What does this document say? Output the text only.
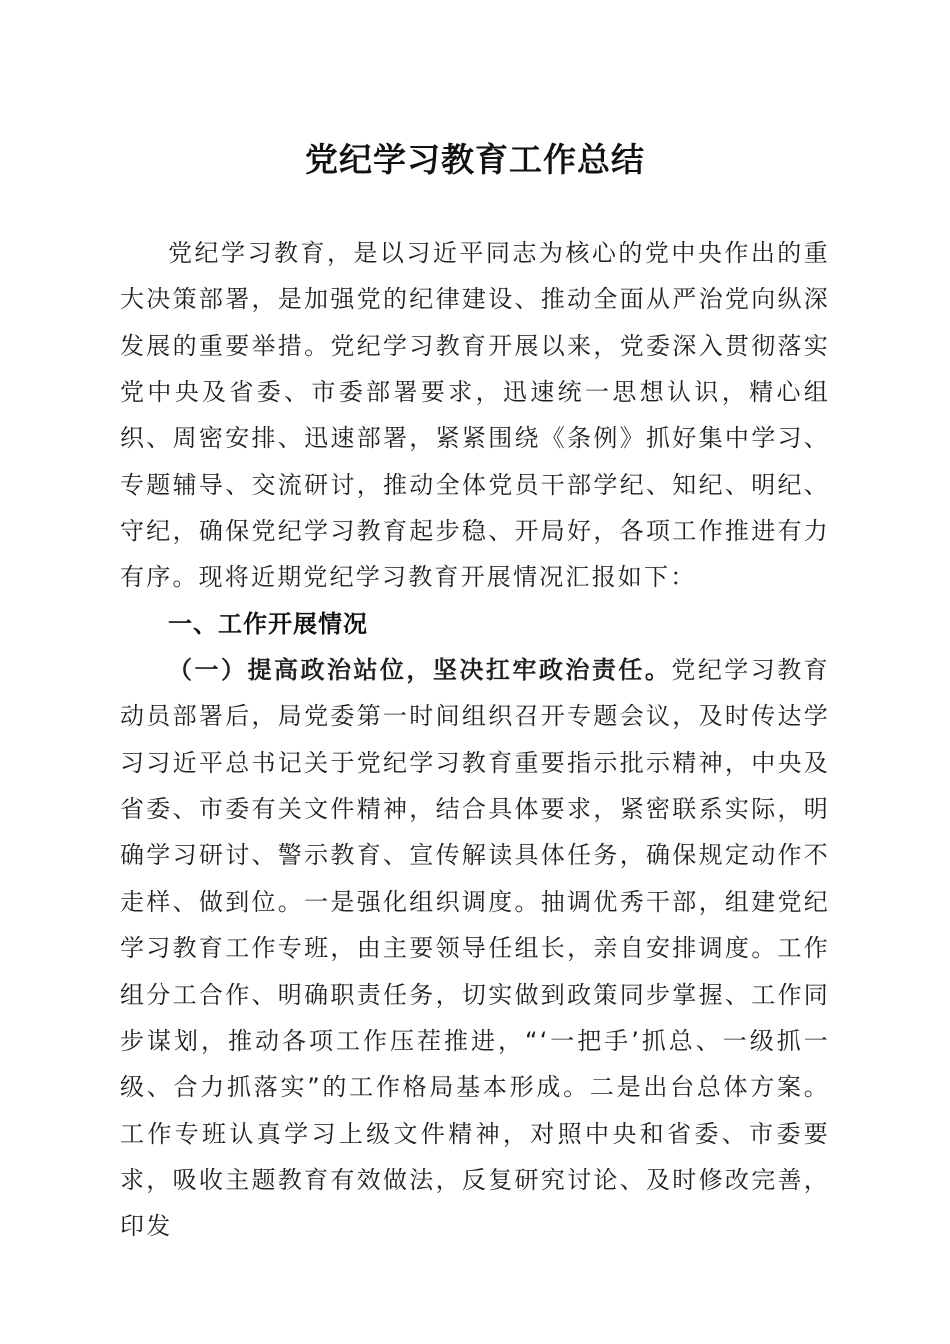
党纪学习教育工作总结

党纪学习教育，是以习近平同志为核心的党中央作出的重大决策部署，是加强党的纪律建设、推动全面从严治党向纵深发展的重要举措。党纪学习教育开展以来，党委深入贯彻落实党中央及省委、市委部署要求，迅速统一思想认识，精心组织、周密安排、迅速部署，紧紧围绕《条例》抓好集中学习、专题辅导、交流研讨，推动全体党员干部学纪、知纪、明纪、守纪，确保党纪学习教育起步稳、开局好，各项工作推进有力有序。现将近期党纪学习教育开展情况汇报如下：

一、工作开展情况

（一）提高政治站位，坚决扛牢政治责任。党纪学习教育动员部署后，局党委第一时间组织召开专题会议，及时传达学习习近平总书记关于党纪学习教育重要指示批示精神，中央及省委、市委有关文件精神，结合具体要求，紧密联系实际，明确学习研讨、警示教育、宣传解读具体任务，确保规定动作不走样、做到位。一是强化组织调度。抽调优秀干部，组建党纪学习教育工作专班，由主要领导任组长，亲自安排调度。工作组分工合作、明确职责任务，切实做到政策同步掌握、工作同步谋划，推动各项工作压茬推进，“‘一把手’抓总、一级抓一级、合力抓落实”的工作格局基本形成。二是出台总体方案。工作专班认真学习上级文件精神，对照中央和省委、市委要求，吸收主题教育有效做法，反复研究讨论、及时修改完善，印发
